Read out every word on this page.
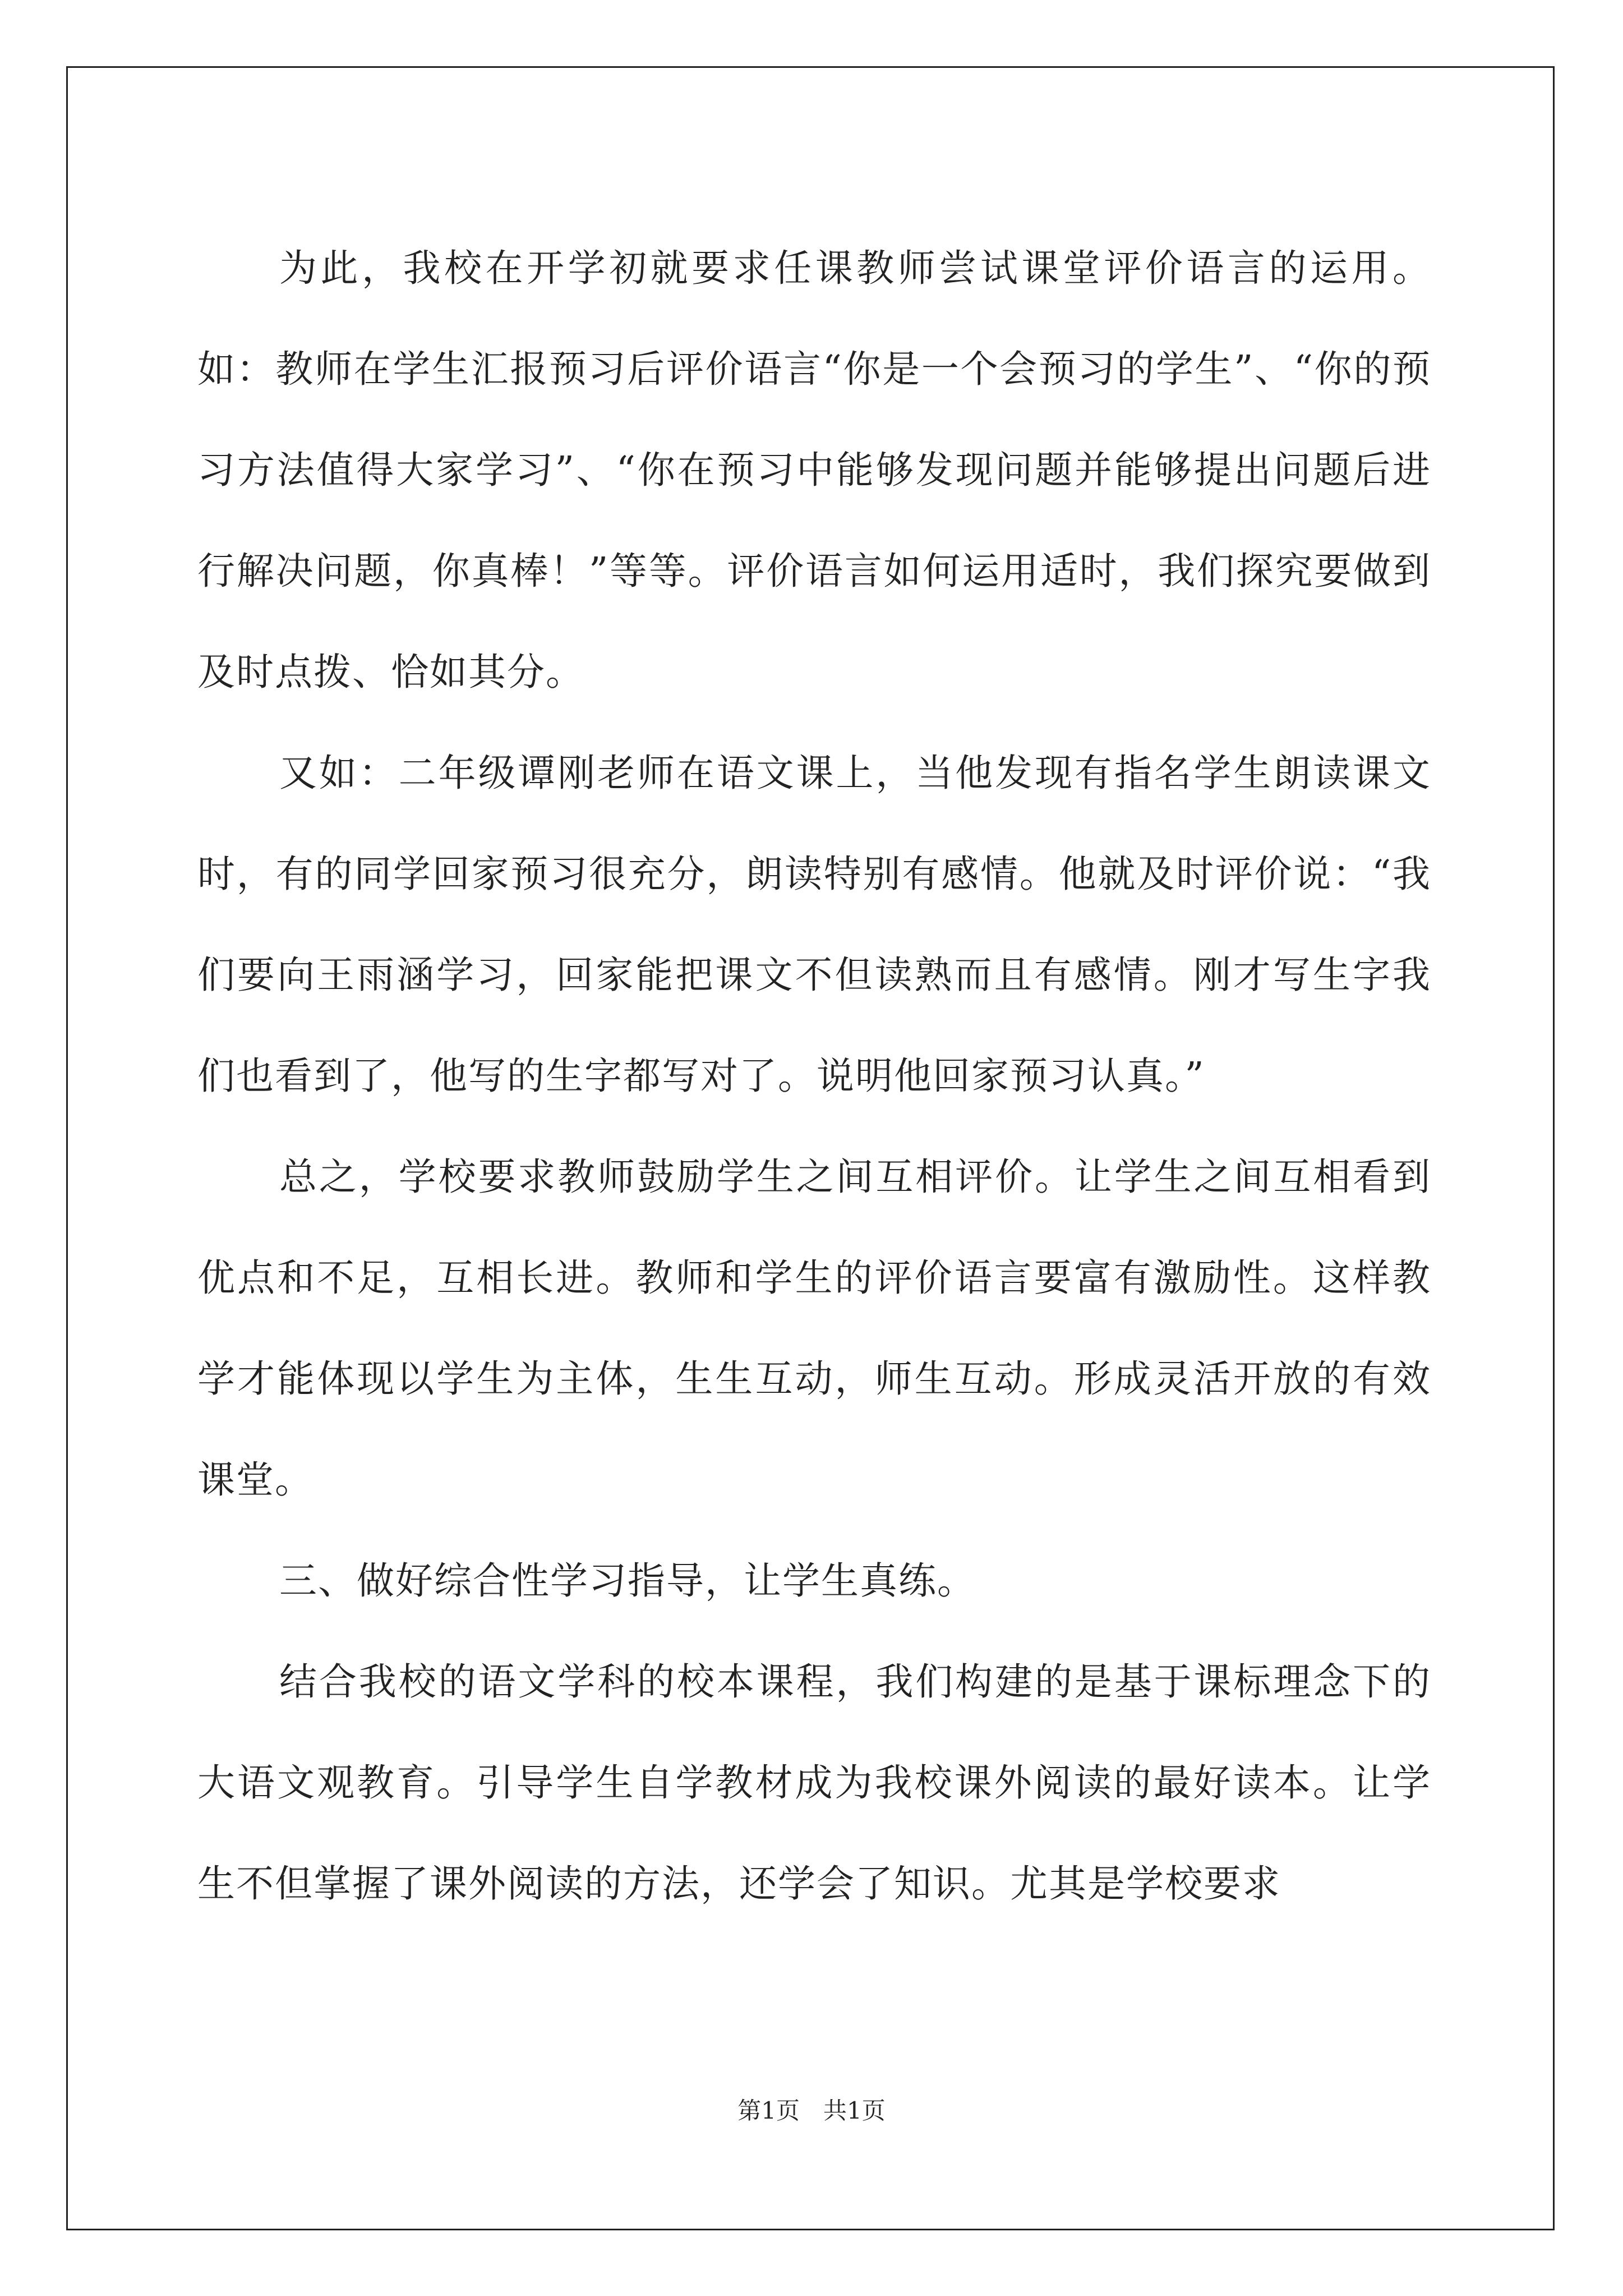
为此，我校在开学初就要求任课教师尝试课堂评价语言的运用。如：教师在学生汇报预习后评价语言“你是一个会预习的学生”、“你的预习方法值得大家学习”、“你在预习中能够发现问题并能够提出问题后进行解决问题，你真棒！”等等。评价语言如何运用适时，我们探究要做到及时点拨、恰如其分。

又如：二年级谭刚老师在语文课上，当他发现有指名学生朗读课文时，有的同学回家预习很充分，朗读特别有感情。他就及时评价说：“我们要向王雨涵学习，回家能把课文不但读熟而且有感情。刚才写生字我们也看到了，他写的生字都写对了。说明他回家预习认真。”

总之，学校要求教师鼓励学生之间互相评价。让学生之间互相看到优点和不足，互相长进。教师和学生的评价语言要富有激励性。这样教学才能体现以学生为主体，生生互动，师生互动。形成灵活开放的有效课堂。

三、做好综合性学习指导，让学生真练。

结合我校的语文学科的校本课程，我们构建的是基于课标理念下的大语文观教育。引导学生自学教材成为我校课外阅读的最好读本。让学生不但掌握了课外阅读的方法，还学会了知识。尤其是学校要求

第1页　共1页
